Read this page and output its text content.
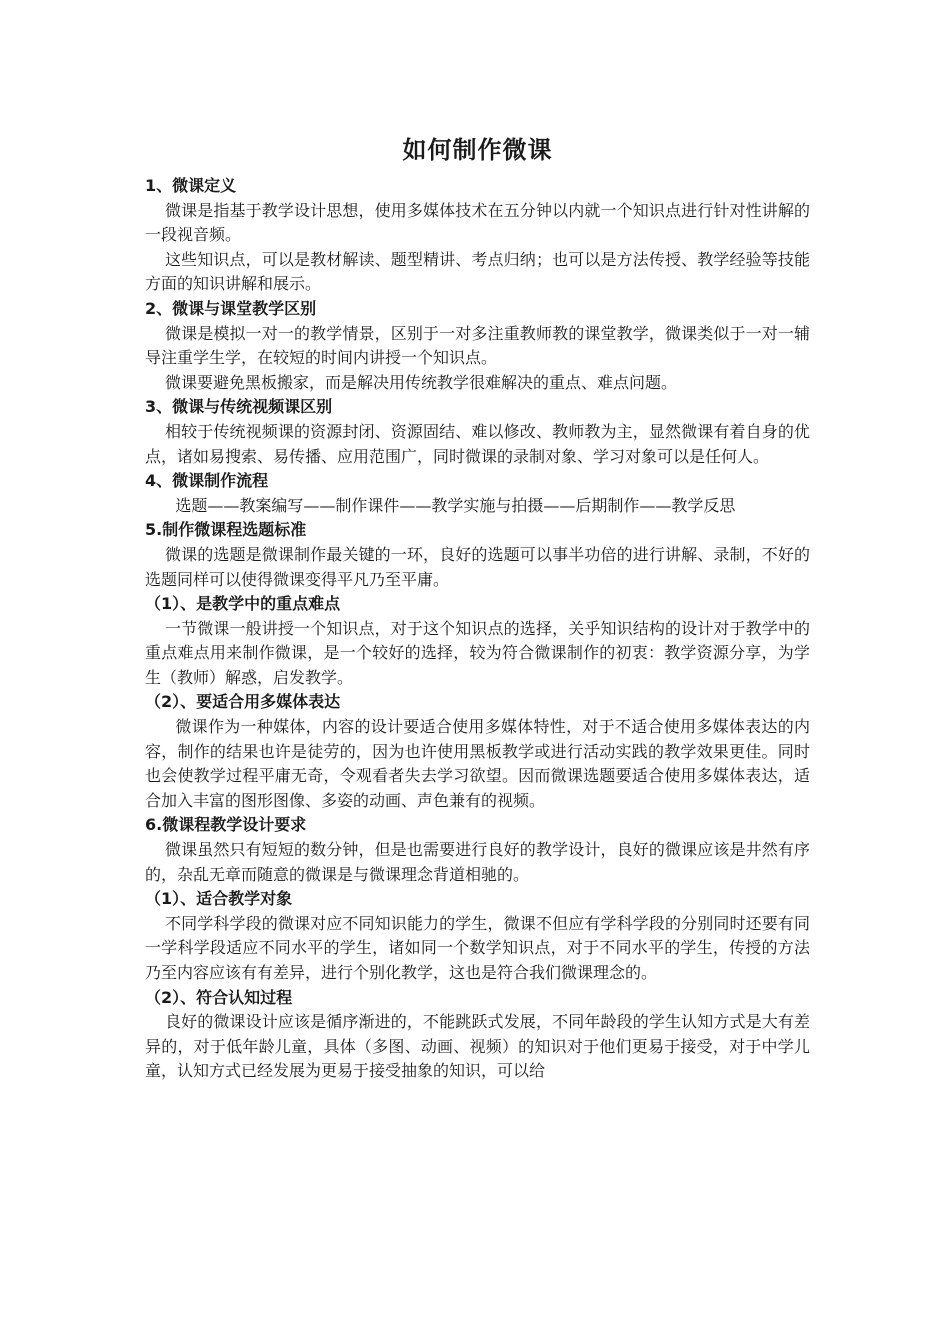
如何制作微课
1、微课定义
微课是指基于教学设计思想，使用多媒体技术在五分钟以内就一个知识点进行针对性讲解的一段视音频。
这些知识点，可以是教材解读、题型精讲、考点归纳；也可以是方法传授、教学经验等技能方面的知识讲解和展示。
2、微课与课堂教学区别
微课是模拟一对一的教学情景，区别于一对多注重教师教的课堂教学，微课类似于一对一辅导注重学生学，在较短的时间内讲授一个知识点。
微课要避免黑板搬家，而是解决用传统教学很难解决的重点、难点问题。
3、微课与传统视频课区别
相较于传统视频课的资源封闭、资源固结、难以修改、教师教为主，显然微课有着自身的优点，诸如易搜索、易传播、应用范围广，同时微课的录制对象、学习对象可以是任何人。
4、微课制作流程
选题——教案编写——制作课件——教学实施与拍摄——后期制作——教学反思
5.制作微课程选题标准
微课的选题是微课制作最关键的一环，良好的选题可以事半功倍的进行讲解、录制，不好的选题同样可以使得微课变得平凡乃至平庸。
（1）、是教学中的重点难点
一节微课一般讲授一个知识点，对于这个知识点的选择，关乎知识结构的设计对于教学中的重点难点用来制作微课，是一个较好的选择，较为符合微课制作的初衷：教学资源分享，为学生（教师）解惑，启发教学。
（2）、要适合用多媒体表达
微课作为一种媒体，内容的设计要适合使用多媒体特性，对于不适合使用多媒体表达的内容，制作的结果也许是徒劳的，因为也许使用黑板教学或进行活动实践的教学效果更佳。同时也会使教学过程平庸无奇，令观看者失去学习欲望。因而微课选题要适合使用多媒体表达，适合加入丰富的图形图像、多姿的动画、声色兼有的视频。
6.微课程教学设计要求
微课虽然只有短短的数分钟，但是也需要进行良好的教学设计，良好的微课应该是井然有序的，杂乱无章而随意的微课是与微课理念背道相驰的。
（1）、适合教学对象
不同学科学段的微课对应不同知识能力的学生，微课不但应有学科学段的分别同时还要有同一学科学段适应不同水平的学生，诸如同一个数学知识点，对于不同水平的学生，传授的方法乃至内容应该有有差异，进行个别化教学，这也是符合我们微课理念的。
（2）、符合认知过程
良好的微课设计应该是循序渐进的，不能跳跃式发展，不同年龄段的学生认知方式是大有差异的，对于低年龄儿童，具体（多图、动画、视频）的知识对于他们更易于接受，对于中学儿童，认知方式已经发展为更易于接受抽象的知识，可以给
